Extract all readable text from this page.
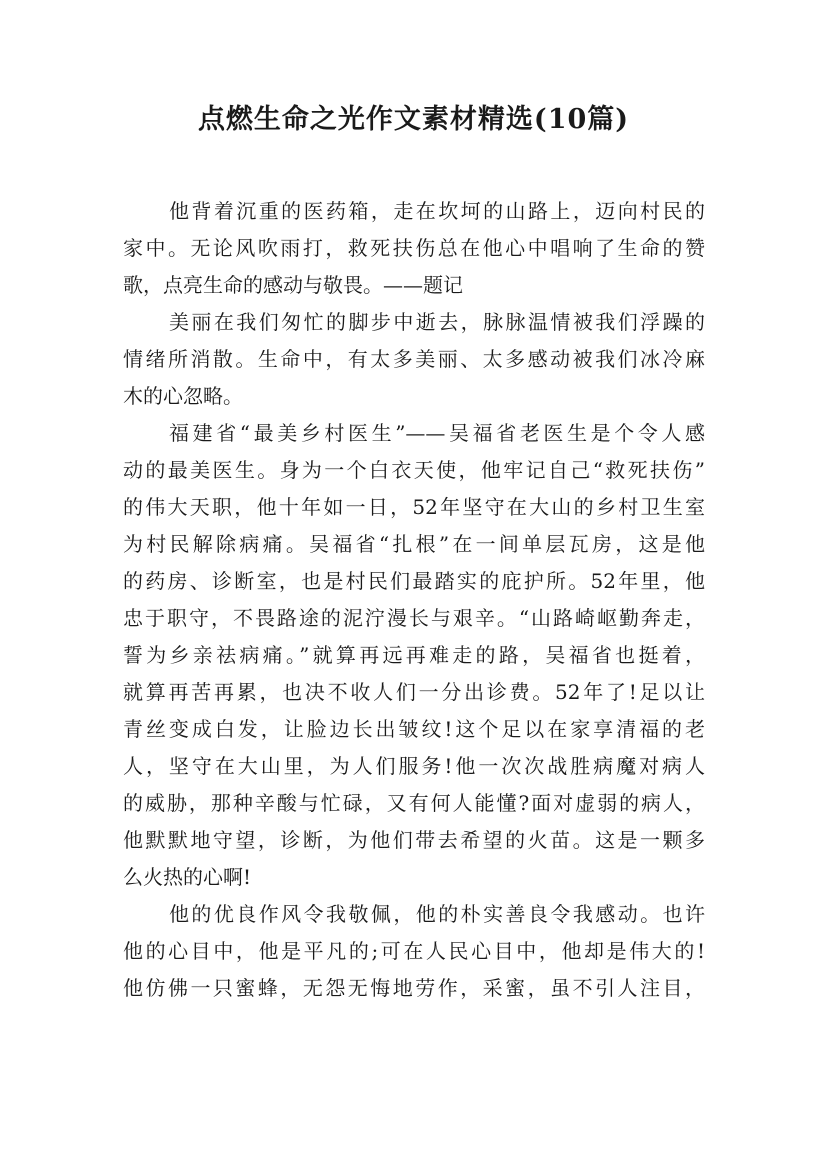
点燃生命之光作文素材精选(10篇)

他背着沉重的医药箱，走在坎坷的山路上，迈向村民的
家中。无论风吹雨打，救死扶伤总在他心中唱响了生命的赞
歌，点亮生命的感动与敬畏。——题记

美丽在我们匆忙的脚步中逝去，脉脉温情被我们浮躁的
情绪所消散。生命中，有太多美丽、太多感动被我们冰冷麻
木的心忽略。

福建省“最美乡村医生”——吴福省老医生是个令人感
动的最美医生。身为一个白衣天使，他牢记自己“救死扶伤”
的伟大天职，他十年如一日，52年坚守在大山的乡村卫生室
为村民解除病痛。吴福省“扎根”在一间单层瓦房，这是他
的药房、诊断室，也是村民们最踏实的庇护所。52年里，他
忠于职守，不畏路途的泥泞漫长与艰辛。“山路崎岖勤奔走，
誓为乡亲祛病痛。”就算再远再难走的路，吴福省也挺着，
就算再苦再累，也决不收人们一分出诊费。52年了!足以让
青丝变成白发，让脸边长出皱纹!这个足以在家享清福的老
人，坚守在大山里，为人们服务!他一次次战胜病魔对病人
的威胁，那种辛酸与忙碌，又有何人能懂?面对虚弱的病人，
他默默地守望，诊断，为他们带去希望的火苗。这是一颗多
么火热的心啊!

他的优良作风令我敬佩，他的朴实善良令我感动。也许
他的心目中，他是平凡的;可在人民心目中，他却是伟大的!
他仿佛一只蜜蜂，无怨无悔地劳作，采蜜，虽不引人注目，
